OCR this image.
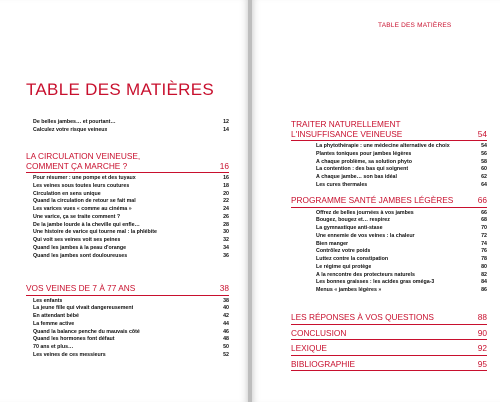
TABLE DES MATIÈRES
De belles jambes… et pourtant…	12
Calculez votre risque veineux	14
LA CIRCULATION VEINEUSE,
COMMENT ÇA MARCHE ?	16
Pour résumer : une pompe et des tuyaux	16
Les veines sous toutes leurs coutures	18
Circulation en sens unique	20
Quand la circulation de retour se fait mal	22
Les varices vues « comme au cinéma »	24
Une varice, ça se traite comment ?	26
De la jambe lourde à la cheville qui enfle…	28
Une histoire de varice qui tourne mal : la phlébite	30
Qui voit ses veines voit ses peines	32
Quand les jambes à la peau d'orange	34
Quand les jambes sont douloureuses	36
VOS VEINES DE 7 À 77 ANS	38
Les enfants	38
La jeune fille qui vivait dangereusement	40
En attendant bébé	42
La femme active	44
Quand la balance penche du mauvais côté	46
Quand les hormones font défaut	48
70 ans et plus…	50
Les veines de ces messieurs	52
TABLE DES MATIÈRES
TRAITER NATURELLEMENT
L'INSUFFISANCE VEINEUSE	54
La phytothérapie : une médecine alternative de choix	54
Plantes toniques pour jambes légères	56
À chaque problème, sa solution phyto	58
La contention : des bas qui soignent	60
À chaque jambe… son bas idéal	62
Les cures thermales	64
PROGRAMME SANTÉ JAMBES LÉGÈRES	66
Offrez de belles journées à vos jambes	66
Bougez, bougez et… respirez	68
La gymnastique anti-stase	70
Une ennemie de vos veines : la chaleur	72
Bien manger	74
Contrôlez votre poids	76
Luttez contre la constipation	78
Le régime qui protège	80
À la rencontre des protecteurs naturels	82
Les bonnes graisses : les acides gras oméga-3	84
Menus « jambes légères »	86
LES RÉPONSES À VOS QUESTIONS	88
CONCLUSION	90
LEXIQUE	92
BIBLIOGRAPHIE	95
